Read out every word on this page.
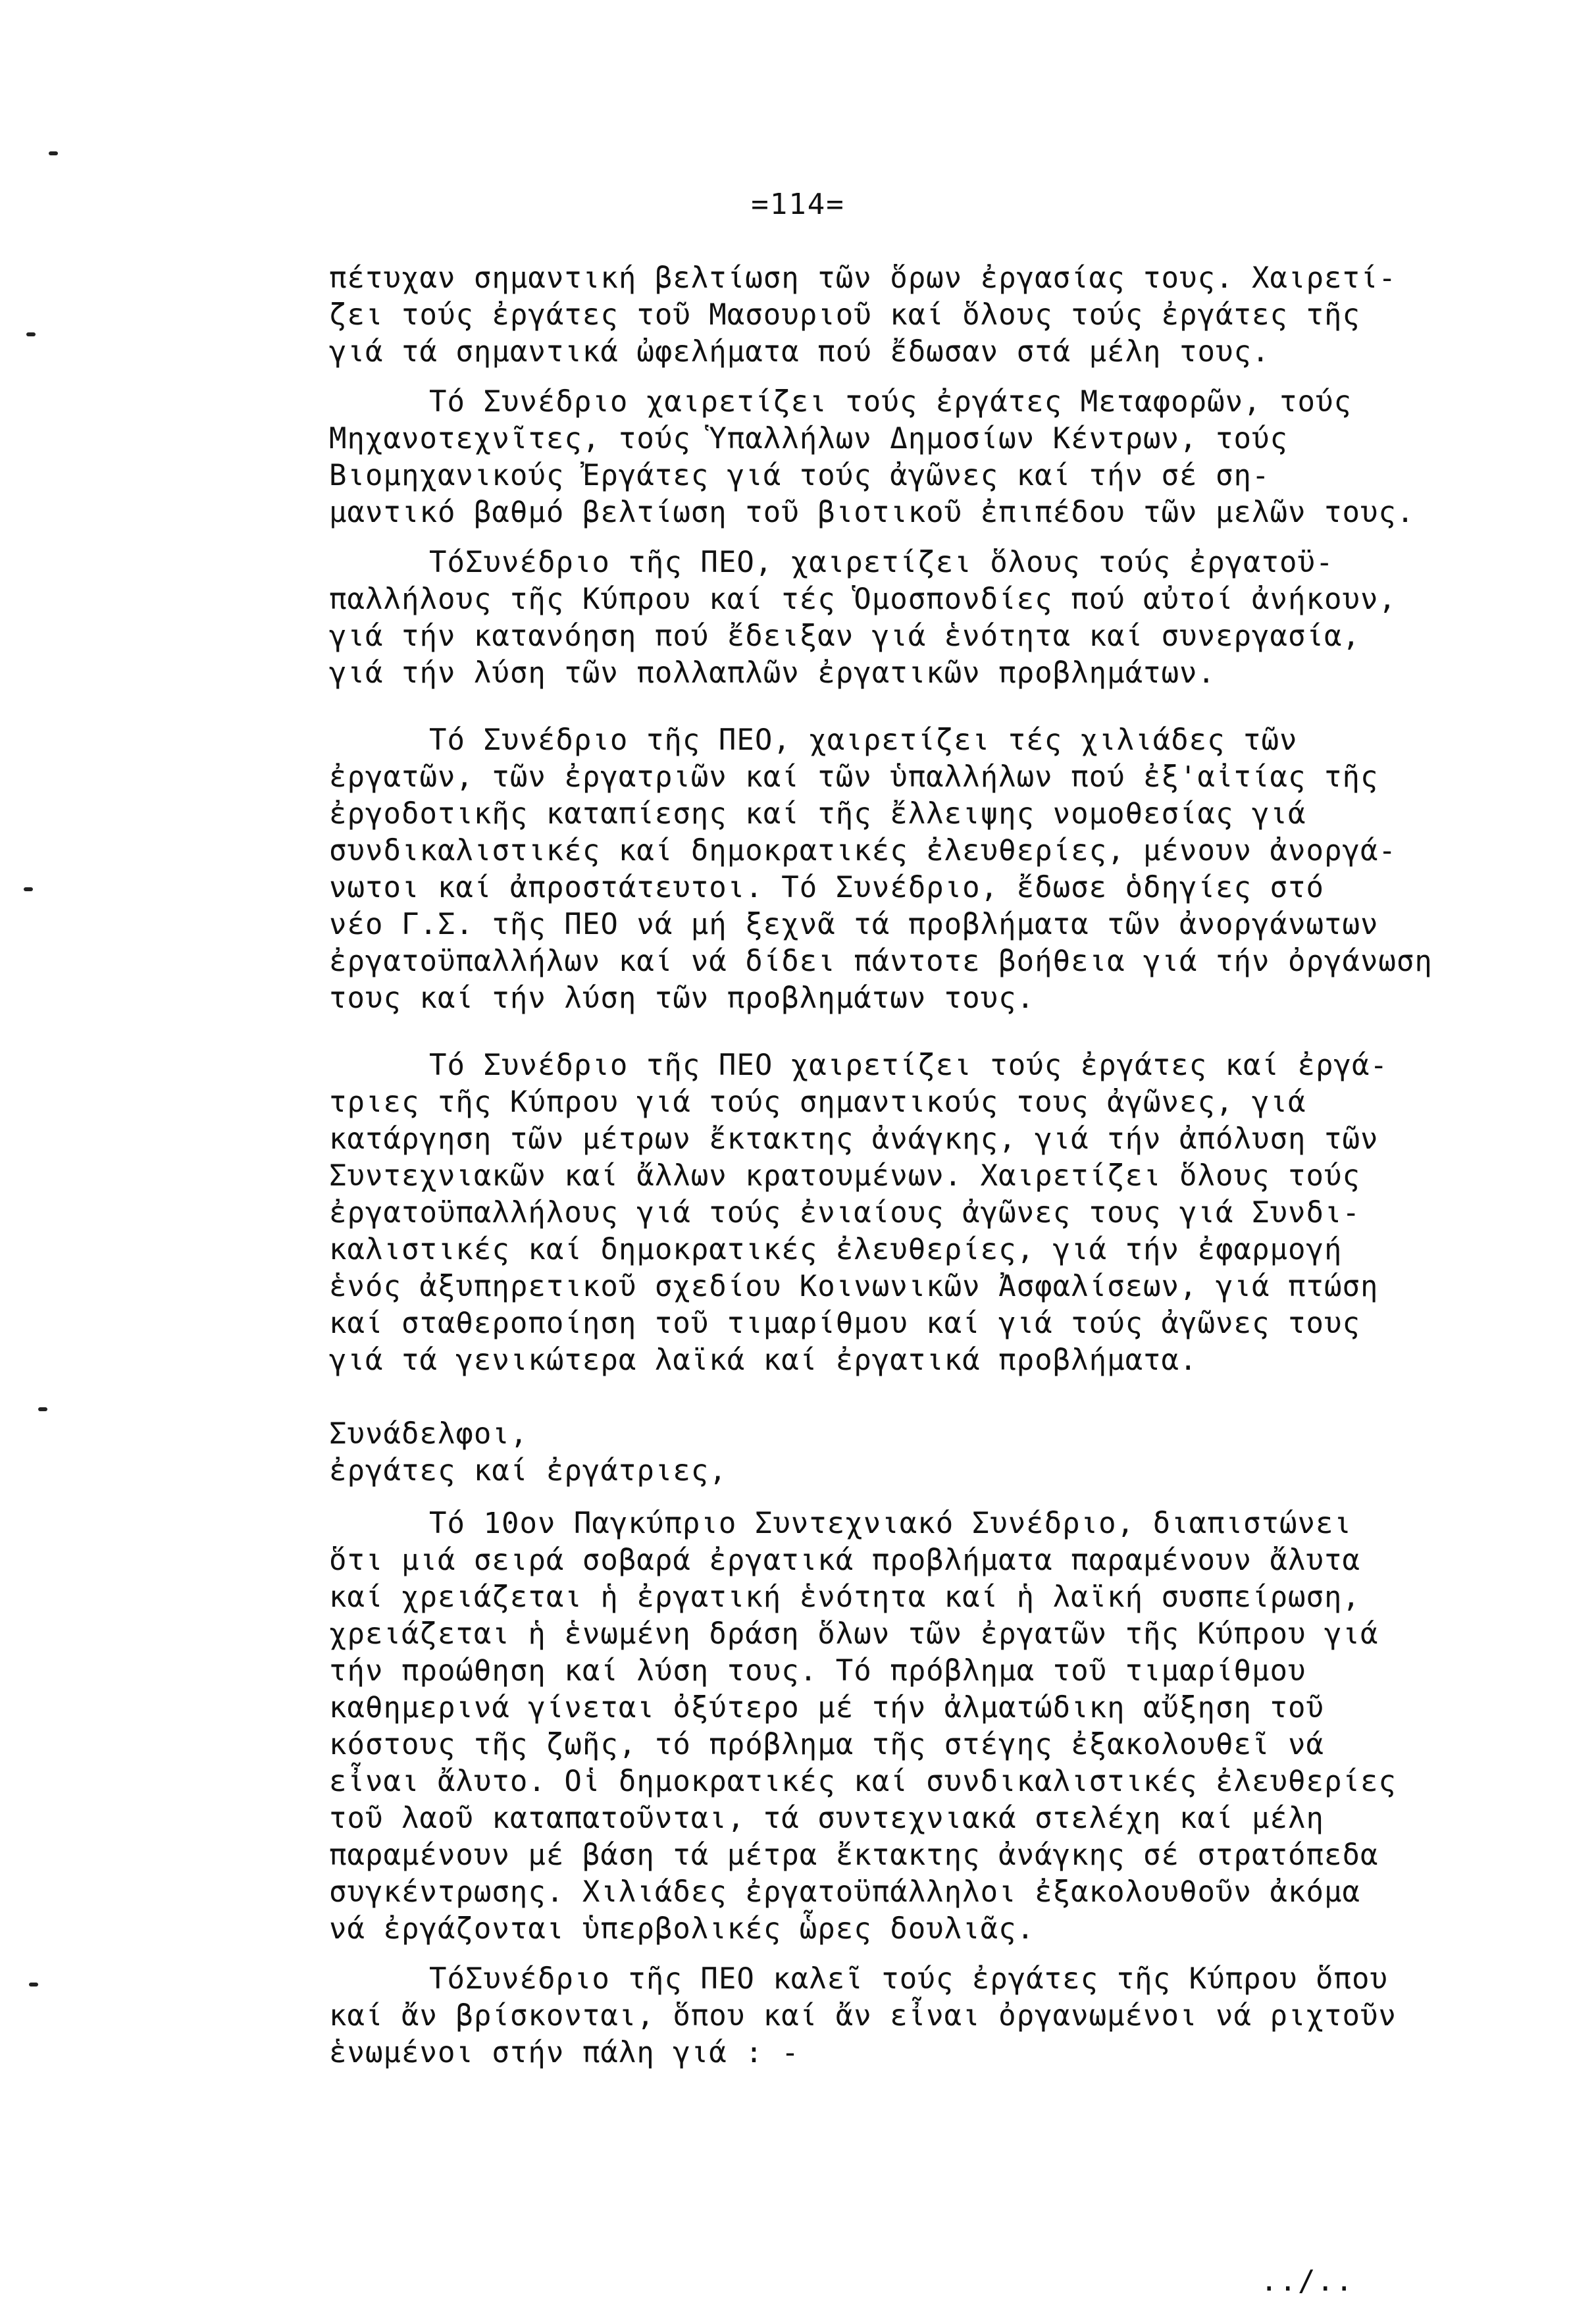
=114=
πέτυχαν σημαντική βελτίωση τῶν ὅρων ἐργασίας τους. Χαιρετί-
ζει τούς ἐργάτες τοῦ Μασουριοῦ καί ὅλους τούς ἐργάτες τῆς
γιά τά σημαντικά ὠφελήματα πού ἔδωσαν στά μέλη τους.
Τό Συνέδριο χαιρετίζει τούς ἐργάτες Μεταφορῶν, τούς
Μηχανοτεχνῖτες, τούς Ὑπαλλήλων Δημοσίων Κέντρων, τούς
Βιομηχανικούς Ἐργάτες γιά τούς ἀγῶνες καί τήν σέ ση-
μαντικό βαθμό βελτίωση τοῦ βιοτικοῦ ἐπιπέδου τῶν μελῶν τους.
ΤόΣυνέδριο τῆς ΠΕΟ, χαιρετίζει ὅλους τούς ἐργατοϋ-
παλλήλους τῆς Κύπρου καί τές Ὁμοσπονδίες πού αὐτοί ἀνήκουν,
γιά τήν κατανόηση πού ἔδειξαν γιά ἑνότητα καί συνεργασία,
γιά τήν λύση τῶν πολλαπλῶν ἐργατικῶν προβλημάτων.
Τό Συνέδριο τῆς ΠΕΟ, χαιρετίζει τές χιλιάδες τῶν
ἐργατῶν, τῶν ἐργατριῶν καί τῶν ὑπαλλήλων πού ἐξ'αἰτίας τῆς
ἐργοδοτικῆς καταπίεσης καί τῆς ἔλλειψης νομοθεσίας γιά
συνδικαλιστικές καί δημοκρατικές ἐλευθερίες, μένουν ἀνοργά-
νωτοι καί ἀπροστάτευτοι. Τό Συνέδριο, ἔδωσε ὁδηγίες στό
νέο Γ.Σ. τῆς ΠΕΟ νά μή ξεχνᾶ τά προβλήματα τῶν ἀνοργάνωτων
ἐργατοϋπαλλήλων καί νά δίδει πάντοτε βοήθεια γιά τήν ὀργάνωση
τους καί τήν λύση τῶν προβλημάτων τους.
Τό Συνέδριο τῆς ΠΕΟ χαιρετίζει τούς ἐργάτες καί ἐργά-
τριες τῆς Κύπρου γιά τούς σημαντικούς τους ἀγῶνες, γιά
κατάργηση τῶν μέτρων ἔκτακτης ἀνάγκης, γιά τήν ἀπόλυση τῶν
Συντεχνιακῶν καί ἄλλων κρατουμένων. Χαιρετίζει ὅλους τούς
ἐργατοϋπαλλήλους γιά τούς ἐνιαίους ἀγῶνες τους γιά Συνδι-
καλιστικές καί δημοκρατικές ἐλευθερίες, γιά τήν ἐφαρμογή
ἑνός ἀξυπηρετικοῦ σχεδίου Κοινωνικῶν Ἀσφαλίσεων, γιά πτώση
καί σταθεροποίηση τοῦ τιμαρίθμου καί γιά τούς ἀγῶνες τους
γιά τά γενικώτερα λαϊκά καί ἐργατικά προβλήματα.
Συνάδελφοι,
ἐργάτες καί ἐργάτριες,
Τό 10ον Παγκύπριο Συντεχνιακό Συνέδριο, διαπιστώνει
ὅτι μιά σειρά σοβαρά ἐργατικά προβλήματα παραμένουν ἄλυτα
καί χρειάζεται ἡ ἐργατική ἑνότητα καί ἡ λαϊκή συσπείρωση,
χρειάζεται ἡ ἑνωμένη δράση ὅλων τῶν ἐργατῶν τῆς Κύπρου γιά
τήν προώθηση καί λύση τους. Τό πρόβλημα τοῦ τιμαρίθμου
καθημερινά γίνεται ὀξύτερο μέ τήν ἀλματώδικη αὔξηση τοῦ
κόστους τῆς ζωῆς, τό πρόβλημα τῆς στέγης ἐξακολουθεῖ νά
εἶναι ἄλυτο. Οἱ δημοκρατικές καί συνδικαλιστικές ἐλευθερίες
τοῦ λαοῦ καταπατοῦνται, τά συντεχνιακά στελέχη καί μέλη
παραμένουν μέ βάση τά μέτρα ἔκτακτης ἀνάγκης σέ στρατόπεδα
συγκέντρωσης. Χιλιάδες ἐργατοϋπάλληλοι ἐξακολουθοῦν ἀκόμα
νά ἐργάζονται ὑπερβολικές ὧρες δουλιᾶς.
ΤόΣυνέδριο τῆς ΠΕΟ καλεῖ τούς ἐργάτες τῆς Κύπρου ὅπου
καί ἄν βρίσκονται, ὅπου καί ἄν εἶναι ὀργανωμένοι νά ριχτοῦν
ἑνωμένοι στήν πάλη γιά : -
../..
